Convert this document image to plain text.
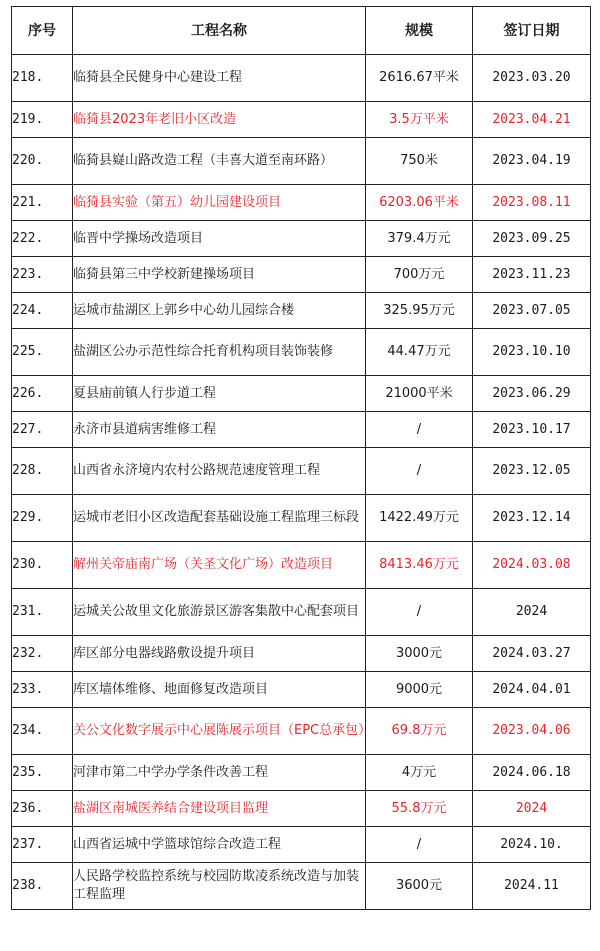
序号	工程名称	规模	签订日期
218.	临猗县全民健身中心建设工程	2616.67平米	2023.03.20
219.	临猗县2023年老旧小区改造	3.5万平米	2023.04.21
220.	临猗县嶷山路改造工程（丰喜大道至南环路）	750米	2023.04.19
221.	临猗县实验（第五）幼儿园建设项目	6203.06平米	2023.08.11
222.	临晋中学操场改造项目	379.4万元	2023.09.25
223.	临猗县第三中学校新建操场项目	700万元	2023.11.23
224.	运城市盐湖区上郭乡中心幼儿园综合楼	325.95万元	2023.07.05
225.	盐湖区公办示范性综合托育机构项目装饰装修	44.47万元	2023.10.10
226.	夏县庙前镇人行步道工程	21000平米	2023.06.29
227.	永济市县道病害维修工程	/	2023.10.17
228.	山西省永济境内农村公路规范速度管理工程	/	2023.12.05
229.	运城市老旧小区改造配套基础设施工程监理三标段	1422.49万元	2023.12.14
230.	解州关帝庙南广场（关圣文化广场）改造项目	8413.46万元	2024.03.08
231.	运城关公故里文化旅游景区游客集散中心配套项目	/	2024
232.	库区部分电器线路敷设提升项目	3000元	2024.03.27
233.	库区墙体维修、地面修复改造项目	9000元	2024.04.01
234.	关公文化数字展示中心展陈展示项目（EPC总承包）	69.8万元	2023.04.06
235.	河津市第二中学办学条件改善工程	4万元	2024.06.18
236.	盐湖区南城医养结合建设项目监理	55.8万元	2024
237.	山西省运城中学篮球馆综合改造工程	/	2024.10.
238.	人民路学校监控系统与校园防欺凌系统改造与加装工程监理	3600元	2024.11
